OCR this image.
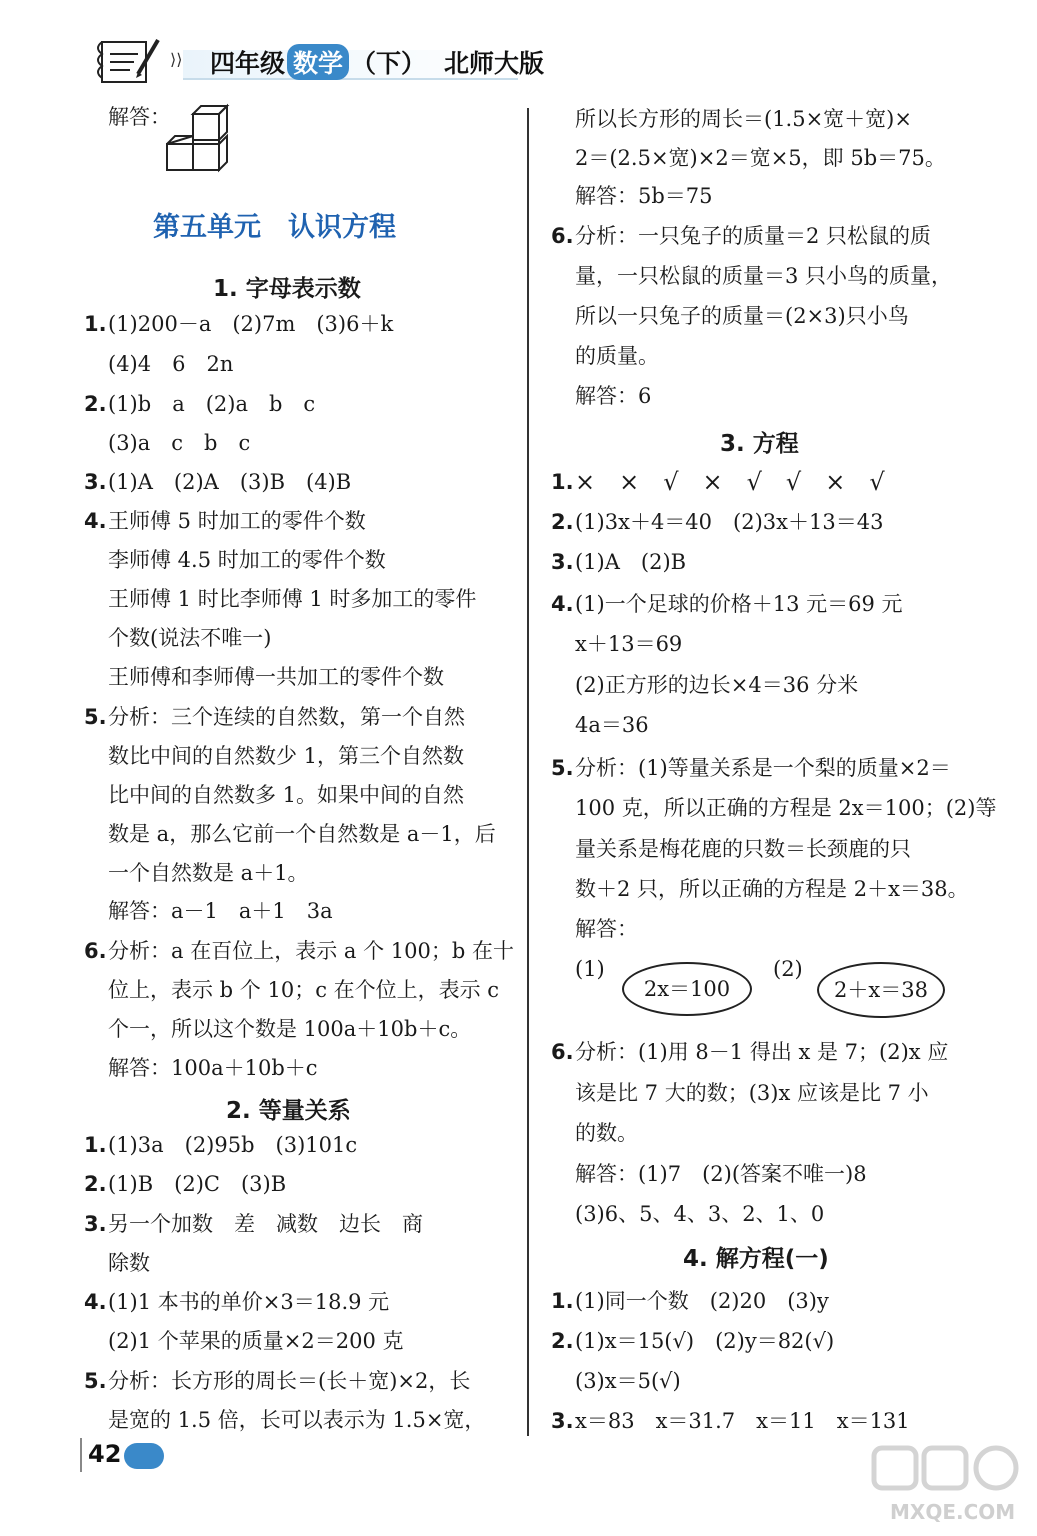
⟩⟩ 四年级 数学 （下） 北师大版
解答：
第五单元　认识方程
1. 字母表示数
1. (1)200－a　(2)7m　(3)6＋k
(4)4　6　2n
2. (1)b　a　(2)a　b　c
(3)a　c　b　c
3. (1)A　(2)A　(3)B　(4)B
4. 王师傅 5 时加工的零件个数
李师傅 4.5 时加工的零件个数
王师傅 1 时比李师傅 1 时多加工的零件
个数(说法不唯一)
王师傅和李师傅一共加工的零件个数
5. 分析：三个连续的自然数，第一个自然
数比中间的自然数少 1，第三个自然数
比中间的自然数多 1。如果中间的自然
数是 a，那么它前一个自然数是 a－1，后
一个自然数是 a＋1。
解答：a－1　a＋1　3a
6. 分析：a 在百位上，表示 a 个 100；b 在十
位上，表示 b 个 10；c 在个位上，表示 c
个一，所以这个数是 100a＋10b＋c。
解答：100a＋10b＋c
2. 等量关系
1. (1)3a　(2)95b　(3)101c
2. (1)B　(2)C　(3)B
3. 另一个加数　差　减数　边长　商
除数
4. (1)1 本书的单价×3＝18.9 元
(2)1 个苹果的质量×2＝200 克
5. 分析：长方形的周长＝(长＋宽)×2，长
是宽的 1.5 倍，长可以表示为 1.5×宽，
所以长方形的周长＝(1.5×宽＋宽)×
2＝(2.5×宽)×2＝宽×5，即 5b＝75。
解答：5b＝75
6. 分析：一只兔子的质量＝2 只松鼠的质
量，一只松鼠的质量＝3 只小鸟的质量，
所以一只兔子的质量＝(2×3)只小鸟
的质量。
解答：6
3. 方程
1. ×　×　√　×　√　√　×　√
2. (1)3x＋4＝40　(2)3x＋13＝43
3. (1)A　(2)B
4. (1)一个足球的价格＋13 元＝69 元
x＋13＝69
(2)正方形的边长×4＝36 分米
4a＝36
5. 分析：(1)等量关系是一个梨的质量×2＝
100 克，所以正确的方程是 2x＝100；(2)等
量关系是梅花鹿的只数＝长颈鹿的只
数＋2 只，所以正确的方程是 2＋x＝38。
解答：
(1)
2x＝100
(2)
2＋x＝38
6. 分析：(1)用 8－1 得出 x 是 7；(2)x 应
该是比 7 大的数；(3)x 应该是比 7 小
的数。
解答：(1)7　(2)(答案不唯一)8
(3)6、5、4、3、2、1、0
4. 解方程(一)
1. (1)同一个数　(2)20　(3)y
2. (1)x＝15(√)　(2)y＝82(√)
(3)x＝5(√)
3. x＝83　x＝31.7　x＝11　x＝131
42
MXQE.COM
